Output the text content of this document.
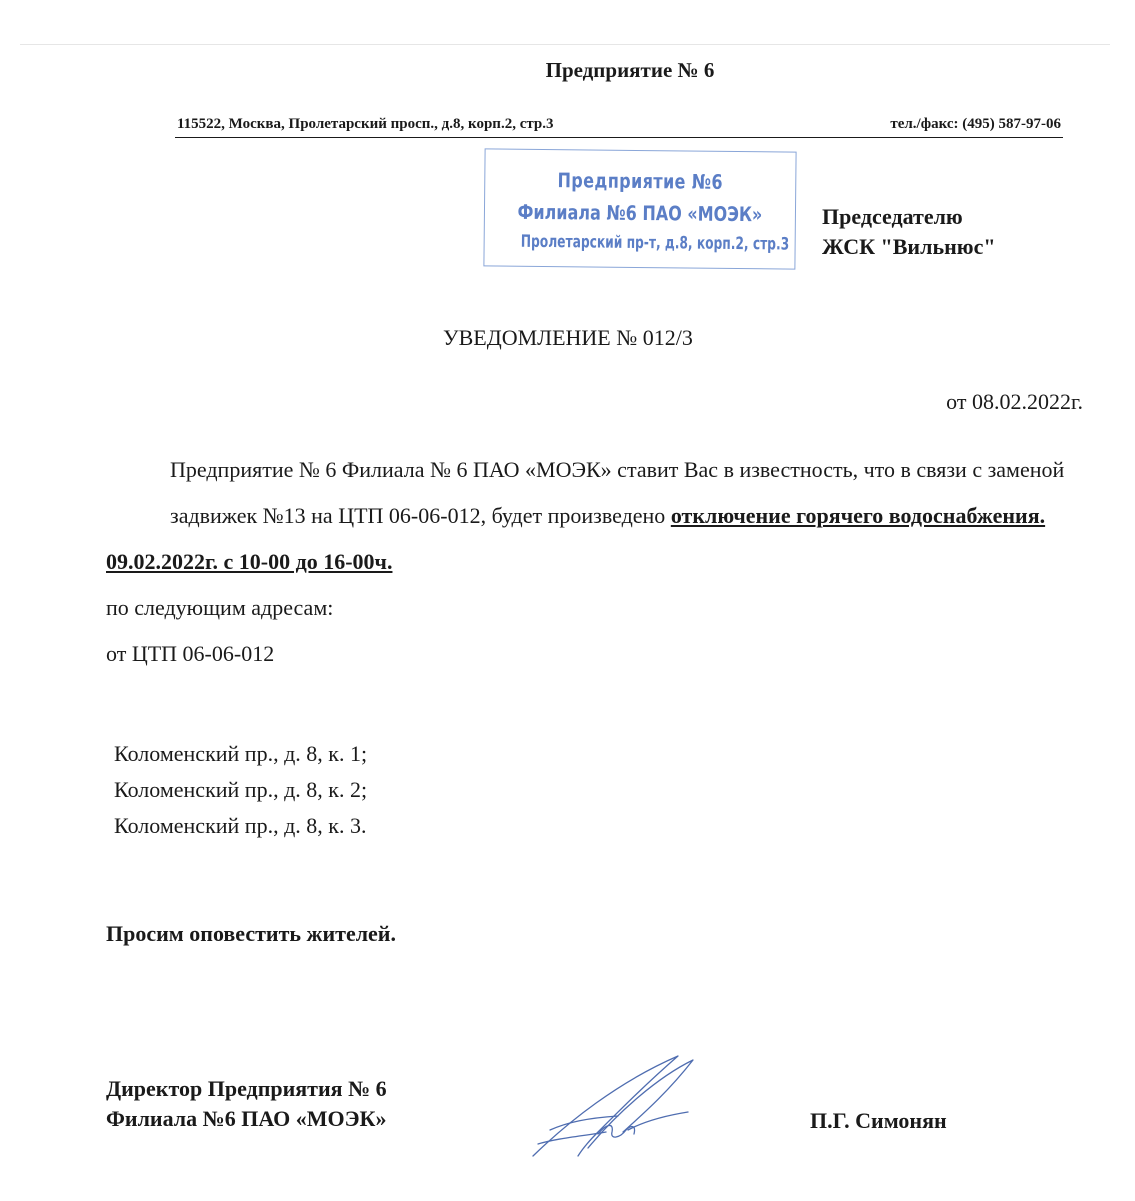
Предприятие № 6
115522, Москва, Пролетарский просп., д.8, корп.2, стр.3	тел./факс: (495) 587-97-06
Предприятие №6
Филиала №6 ПАО «МОЭК»
Пролетарский пр-т, д.8, корп.2, стр.3
Председателю
ЖСК "Вильнюс"
УВЕДОМЛЕНИЕ № 012/3
от 08.02.2022г.
Предприятие № 6 Филиала № 6 ПАО «МОЭК» ставит Вас в известность, что в связи с заменой задвижек №13 на ЦТП 06-06-012, будет произведено отключение горячего водоснабжения.
09.02.2022г. с 10-00 до 16-00ч.
по следующим адресам:
от ЦТП 06-06-012
Коломенский пр., д. 8, к. 1;
Коломенский пр., д. 8, к. 2;
Коломенский пр., д. 8, к. 3.
Просим оповестить жителей.
Директор Предприятия № 6
Филиала №6 ПАО «МОЭК»	П.Г. Симонян
